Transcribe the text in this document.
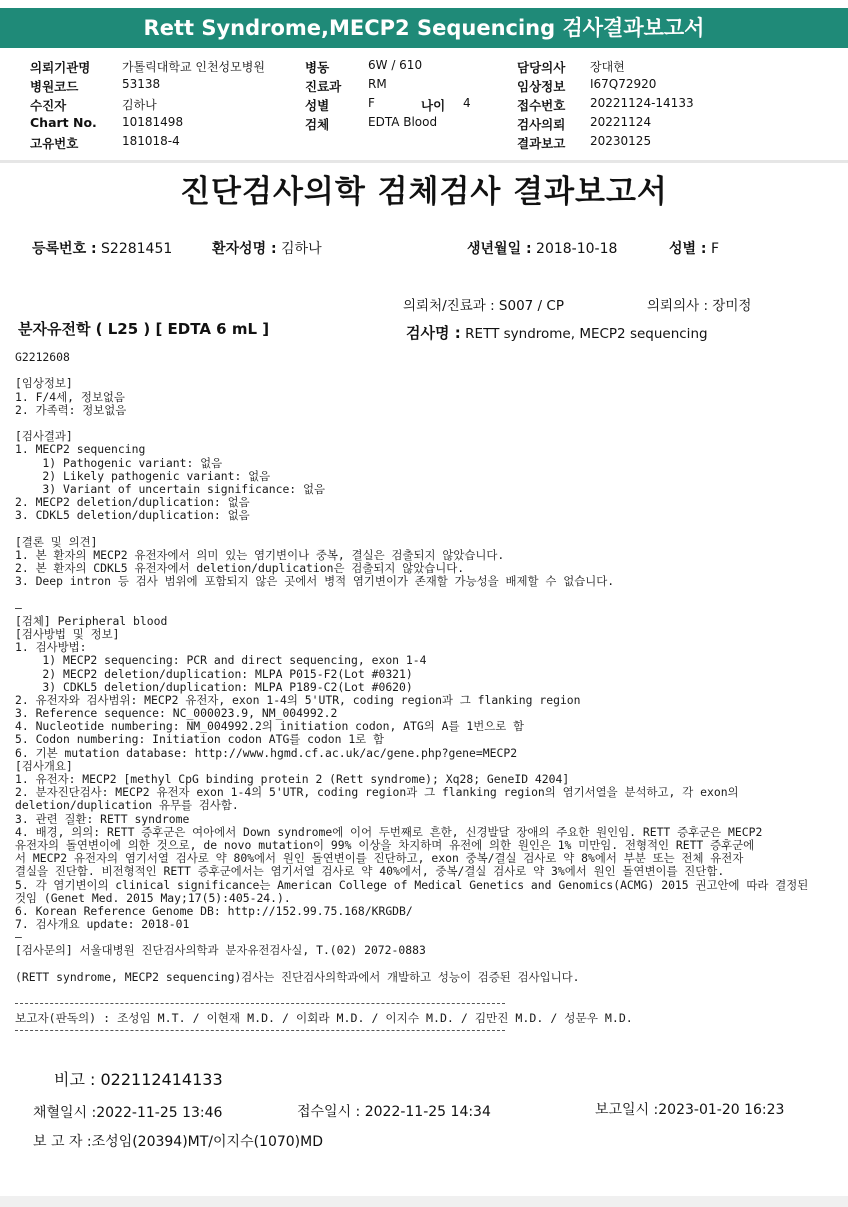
Rett Syndrome,MECP2 Sequencing 검사결과보고서
의뢰기관명	가톨릭대학교 인천성모병원
병원코드	53138
수진자	김하나
Chart No. 10181498
고유번호	181018-4
병동	6W / 610
진료과 RM
성별	F	나이 4
검체	EDTA Blood
담당의사 장대현
임상정보 I67Q72920
접수번호 20221124-14133
검사의뢰 20221124
결과보고 20230125
진단검사의학 검체검사 결과보고서
등록번호 : S2281451	환자성명 : 김하나	생년월일 : 2018-10-18	성별 : F
의뢰처/진료과 : S007 / CP	의뢰의사 : 장미정
분자유전학 ( L25 ) [ EDTA 6 mL ]	검사명 : RETT syndrome, MECP2 sequencing
G2212608
[임상정보]
1. F/4세, 정보없음
2. 가족력: 정보없음
[검사결과]
1. MECP2 sequencing
1) Pathogenic variant: 없음
2) Likely pathogenic variant: 없음
3) Variant of uncertain significance: 없음
2. MECP2 deletion/duplication: 없음
3. CDKL5 deletion/duplication: 없음
[결론 및 의견]
1. 본 환자의 MECP2 유전자에서 의미 있는 염기변이나 중복, 결실은 검출되지 않았습니다.
2. 본 환자의 CDKL5 유전자에서 deletion/duplication은 검출되지 않았습니다.
3. Deep intron 등 검사 범위에 포함되지 않은 곳에서 병적 염기변이가 존재할 가능성을 배제할 수 없습니다.
—
[검체] Peripheral blood
[검사방법 및 정보]
1. 검사방법:
1) MECP2 sequencing: PCR and direct sequencing, exon 1-4
2) MECP2 deletion/duplication: MLPA P015-F2(Lot #0321)
3) CDKL5 deletion/duplication: MLPA P189-C2(Lot #0620)
2. 유전자와 검사범위: MECP2 유전자, exon 1-4의 5'UTR, coding region과 그 flanking region
3. Reference sequence: NC_000023.9, NM_004992.2
4. Nucleotide numbering: NM_004992.2의 initiation codon, ATG의 A를 1번으로 함
5. Codon numbering: Initiation codon ATG를 codon 1로 함
6. 기본 mutation database: http://www.hgmd.cf.ac.uk/ac/gene.php?gene=MECP2
[검사개요]
1. 유전자: MECP2 [methyl CpG binding protein 2 (Rett syndrome); Xq28; GeneID 4204]
2. 분자진단검사: MECP2 유전자 exon 1-4의 5'UTR, coding region과 그 flanking region의 염기서열을 분석하고, 각 exon의
deletion/duplication 유무를 검사함.
3. 관련 질환: RETT syndrome
4. 배경, 의의: RETT 증후군은 여아에서 Down syndrome에 이어 두번째로 흔한, 신경발달 장애의 주요한 원인임. RETT 증후군은 MECP2
유전자의 돌연변이에 의한 것으로, de novo mutation이 99% 이상을 차지하며 유전에 의한 원인은 1% 미만임. 전형적인 RETT 증후군에
서 MECP2 유전자의 염기서열 검사로 약 80%에서 원인 돌연변이를 진단하고, exon 중복/결실 검사로 약 8%에서 부분 또는 전체 유전자
결실을 진단함. 비전형적인 RETT 증후군에서는 염기서열 검사로 약 40%에서, 중복/결실 검사로 약 3%에서 원인 돌연변이를 진단함.
5. 각 염기변이의 clinical significance는 American College of Medical Genetics and Genomics(ACMG) 2015 권고안에 따라 결정된
것임 (Genet Med. 2015 May;17(5):405-24.).
6. Korean Reference Genome DB: http://152.99.75.168/KRGDB/
7. 검사개요 update: 2018-01
—
[검사문의] 서울대병원 진단검사의학과 분자유전검사실, T.(02) 2072-0883
(RETT syndrome, MECP2 sequencing)검사는 진단검사의학과에서 개발하고 성능이 검증된 검사입니다.
보고자(판독의) : 조성임 M.T. / 이현재 M.D. / 이회라 M.D. / 이지수 M.D. / 김만진 M.D. / 성문우 M.D.
비고 : 022112414133
채혈일시 :2022-11-25 13:46	접수일시 : 2022-11-25 14:34	보고일시 :2023-01-20 16:23
보 고 자 :조성임(20394)MT/이지수(1070)MD
